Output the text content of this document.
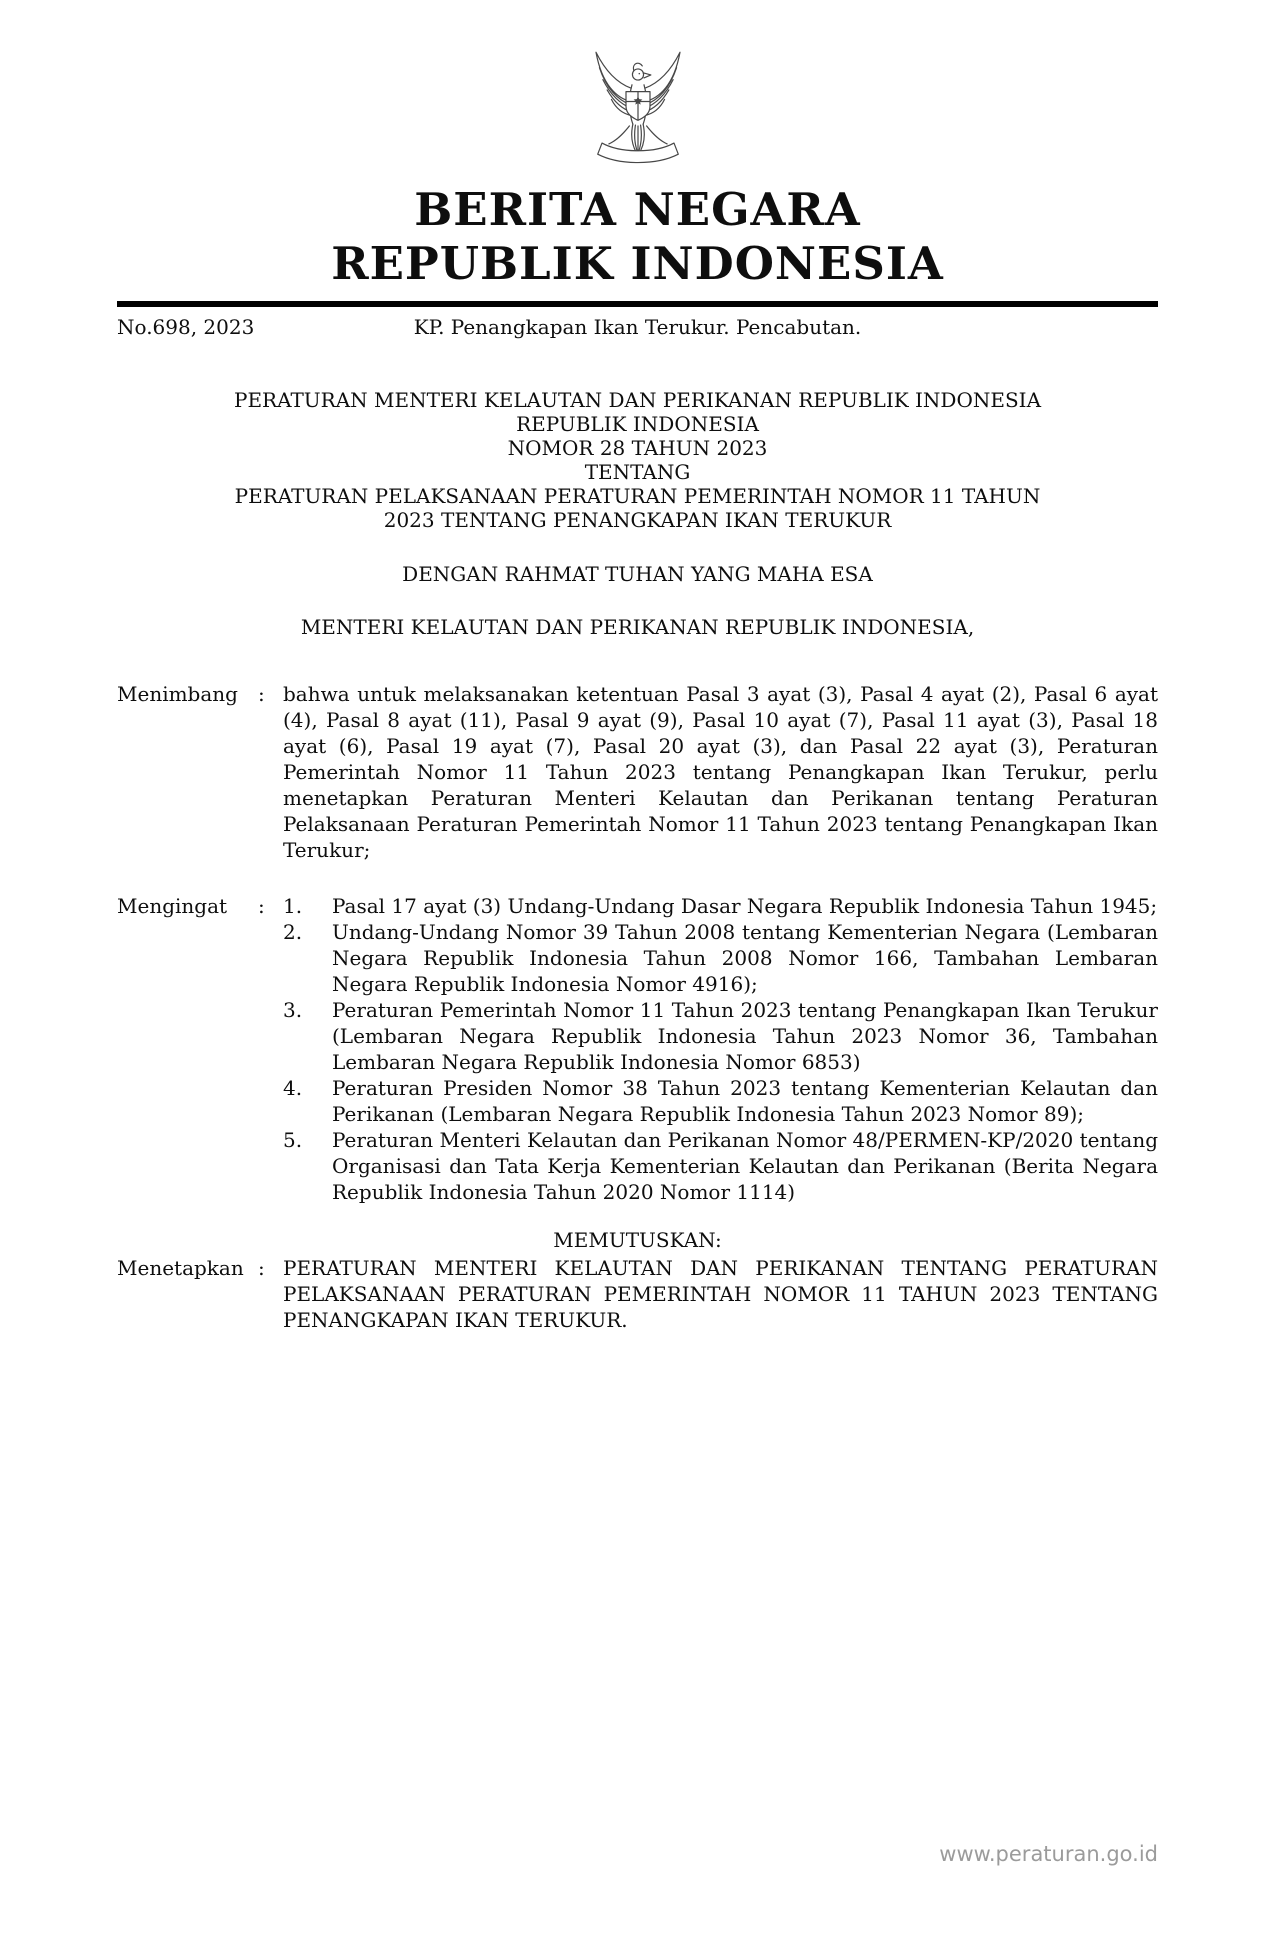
BERITA NEGARA
REPUBLIK INDONESIA
No.698, 2023	KP. Penangkapan Ikan Terukur. Pencabutan.
PERATURAN MENTERI KELAUTAN DAN PERIKANAN REPUBLIK INDONESIA
REPUBLIK INDONESIA
NOMOR 28 TAHUN 2023
TENTANG
PERATURAN PELAKSANAAN PERATURAN PEMERINTAH NOMOR 11 TAHUN
2023 TENTANG PENANGKAPAN IKAN TERUKUR
DENGAN RAHMAT TUHAN YANG MAHA ESA
MENTERI KELAUTAN DAN PERIKANAN REPUBLIK INDONESIA,
Menimbang	: bahwa untuk melaksanakan ketentuan Pasal 3 ayat (3), Pasal 4 ayat (2), Pasal 6 ayat (4), Pasal 8 ayat (11), Pasal 9 ayat (9), Pasal 10 ayat (7), Pasal 11 ayat (3), Pasal 18 ayat (6), Pasal 19 ayat (7), Pasal 20 ayat (3), dan Pasal 22 ayat (3), Peraturan Pemerintah Nomor 11 Tahun 2023 tentang Penangkapan Ikan Terukur, perlu menetapkan Peraturan Menteri Kelautan dan Perikanan tentang Peraturan Pelaksanaan Peraturan Pemerintah Nomor 11 Tahun 2023 tentang Penangkapan Ikan Terukur;
Mengingat	: 1.	Pasal 17 ayat (3) Undang-Undang Dasar Negara Republik Indonesia Tahun 1945;
2.	Undang-Undang Nomor 39 Tahun 2008 tentang Kementerian Negara (Lembaran Negara Republik Indonesia Tahun 2008 Nomor 166, Tambahan Lembaran Negara Republik Indonesia Nomor 4916);
3.	Peraturan Pemerintah Nomor 11 Tahun 2023 tentang Penangkapan Ikan Terukur (Lembaran Negara Republik Indonesia Tahun 2023 Nomor 36, Tambahan Lembaran Negara Republik Indonesia Nomor 6853)
4.	Peraturan Presiden Nomor 38 Tahun 2023 tentang Kementerian Kelautan dan Perikanan (Lembaran Negara Republik Indonesia Tahun 2023 Nomor 89);
5.	Peraturan Menteri Kelautan dan Perikanan Nomor 48/PERMEN-KP/2020 tentang Organisasi dan Tata Kerja Kementerian Kelautan dan Perikanan (Berita Negara Republik Indonesia Tahun 2020 Nomor 1114)
MEMUTUSKAN:
Menetapkan : PERATURAN MENTERI KELAUTAN DAN PERIKANAN TENTANG PERATURAN PELAKSANAAN PERATURAN PEMERINTAH NOMOR 11 TAHUN 2023 TENTANG PENANGKAPAN IKAN TERUKUR.
www.peraturan.go.id
